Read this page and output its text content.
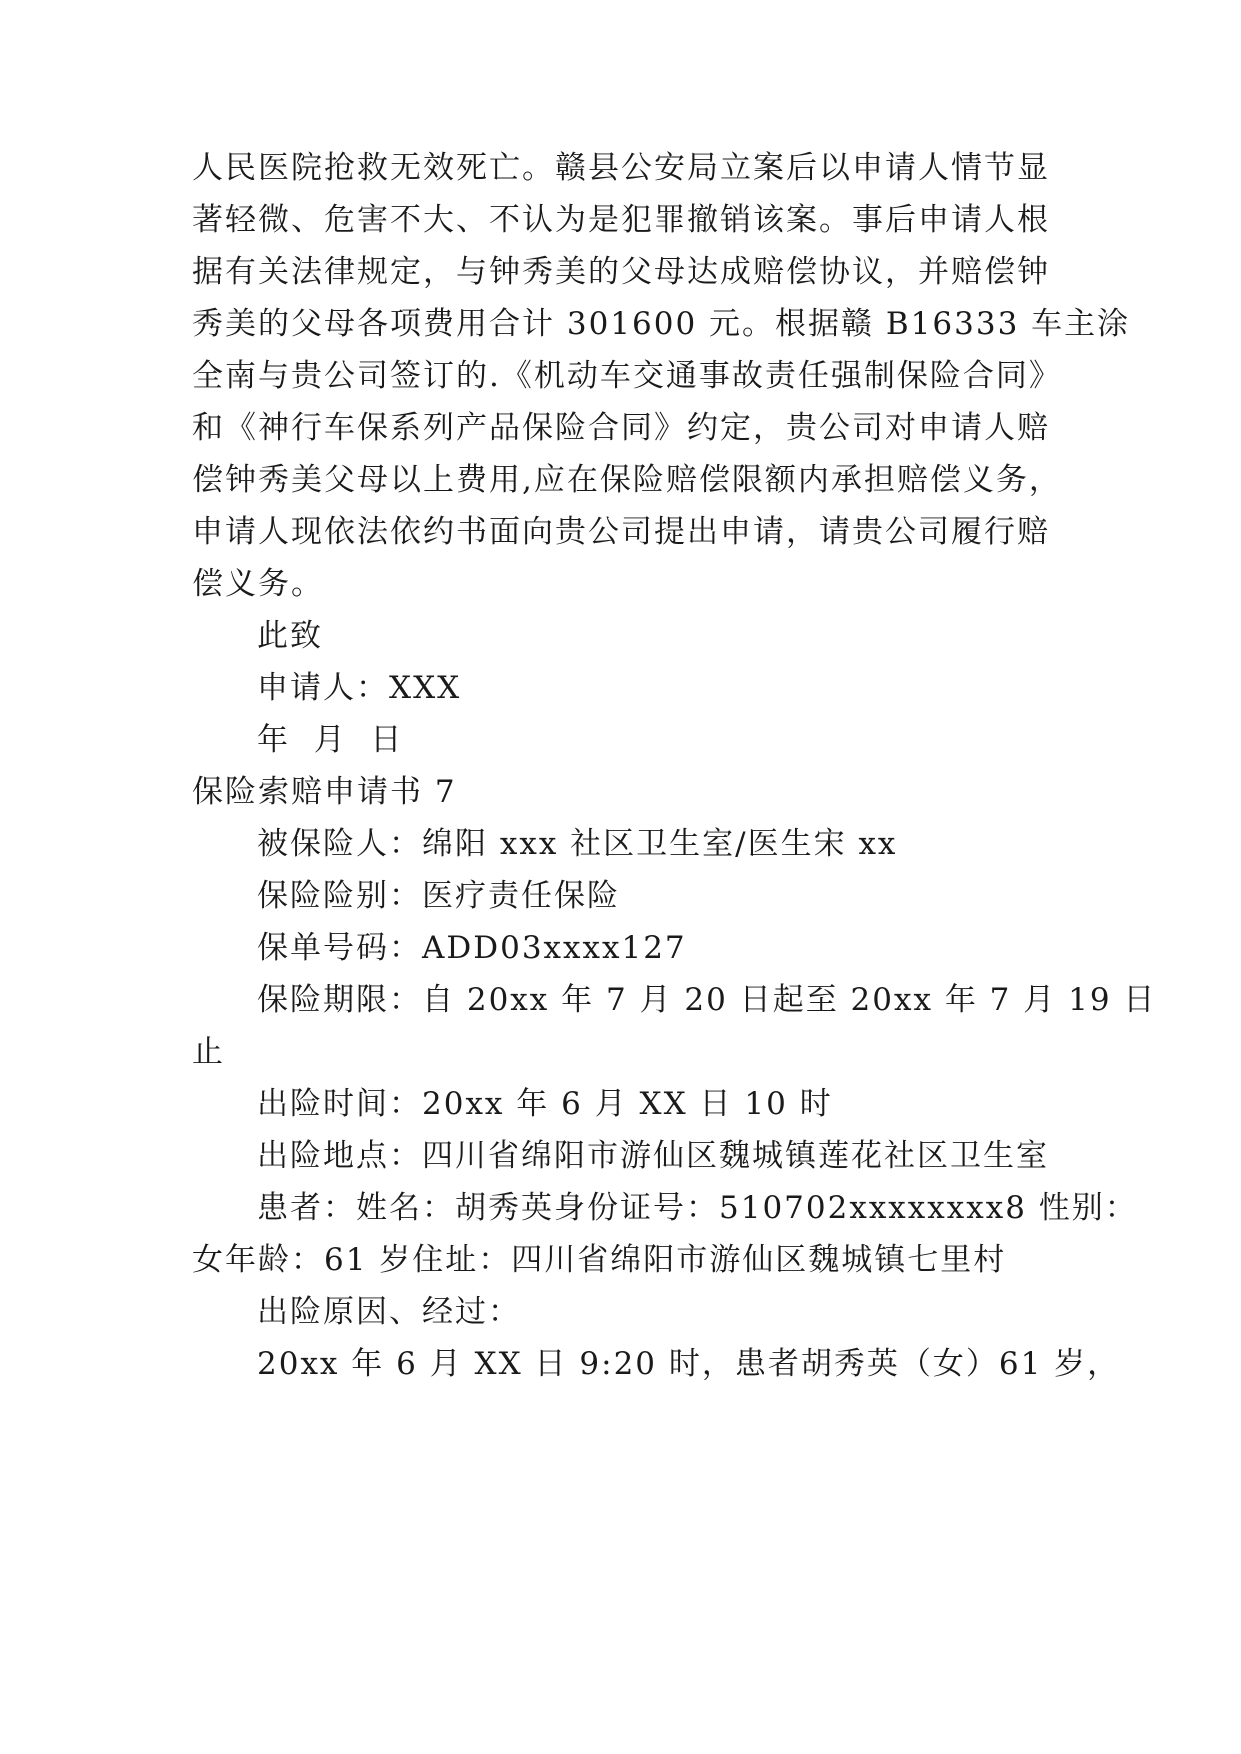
人民医院抢救无效死亡。赣县公安局立案后以申请人情节显
著轻微、危害不大、不认为是犯罪撤销该案。事后申请人根
据有关法律规定，与钟秀美的父母达成赔偿协议，并赔偿钟
秀美的父母各项费用合计 301600 元。根据赣 B16333 车主涂
全南与贵公司签订的.《机动车交通事故责任强制保险合同》
和《神行车保系列产品保险合同》约定，贵公司对申请人赔
偿钟秀美父母以上费用,应在保险赔偿限额内承担赔偿义务，
申请人现依法依约书面向贵公司提出申请，请贵公司履行赔
偿义务。
此致
申请人：XXX
年  月  日
保险索赔申请书 7
被保险人：绵阳 xxx 社区卫生室/医生宋 xx
保险险别：医疗责任保险
保单号码：ADD03xxxx127
保险期限：自 20xx 年 7 月 20 日起至 20xx 年 7 月 19 日
止
出险时间：20xx 年 6 月 XX 日 10 时
出险地点：四川省绵阳市游仙区魏城镇莲花社区卫生室
患者：姓名：胡秀英身份证号：510702xxxxxxxx8 性别：
女年龄：61 岁住址：四川省绵阳市游仙区魏城镇七里村
出险原因、经过：
20xx 年 6 月 XX 日 9:20 时，患者胡秀英（女）61 岁，
